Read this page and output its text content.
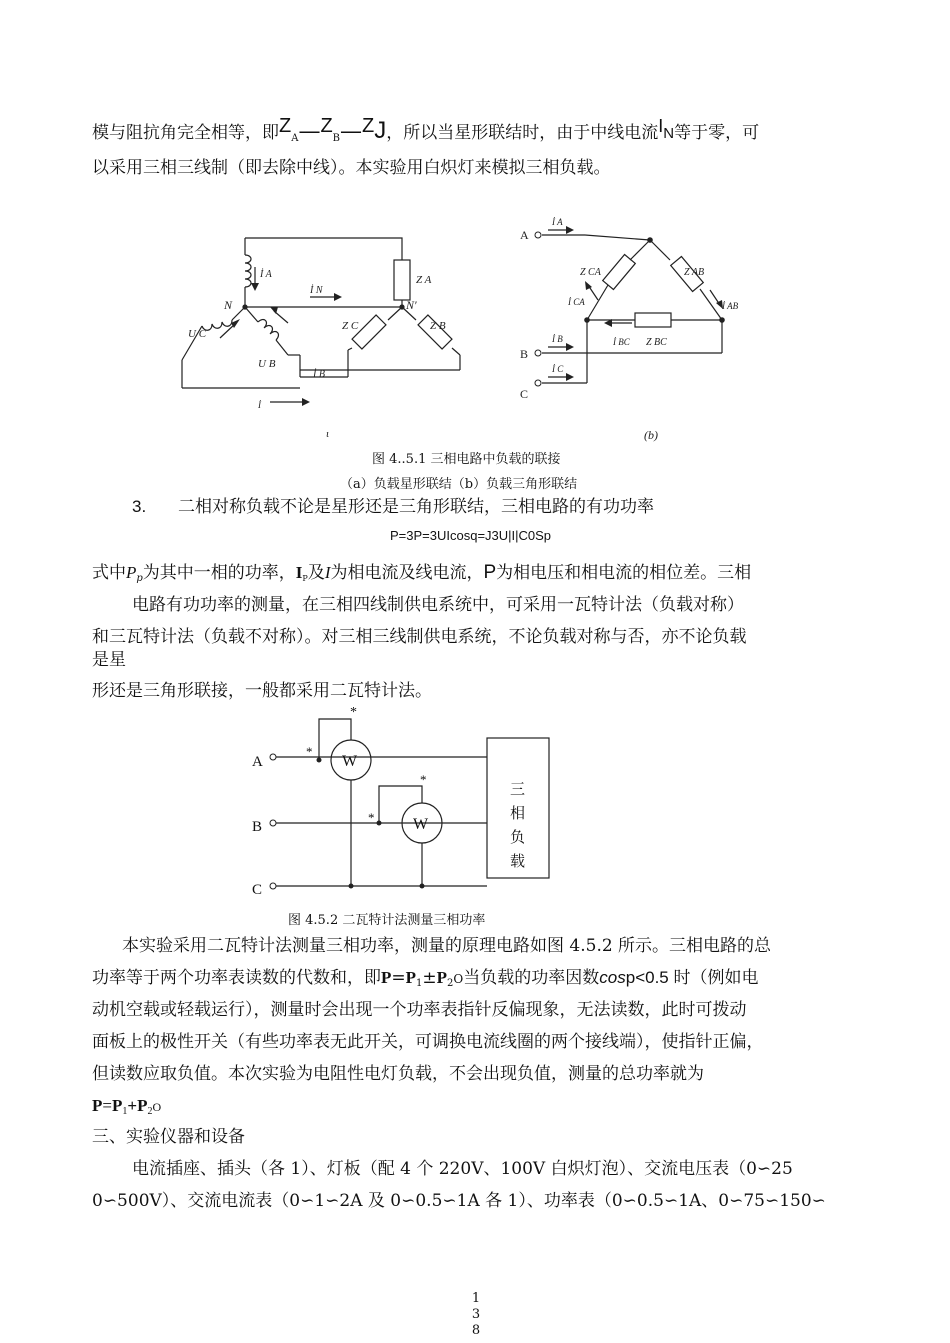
模与阻抗角完全相等，即$Z_A—Z_B—ZJ$，所以当星形联结时，由于中线电流IN等于零，可
以采用三相三线制（即去除中线）。本实验用白炽灯来模拟三相负载。
N	N′
İ A
İ N
İ B
Z A
Z C	Z B
U C
U B
İ
ι
A
B
C
İ A
İ B
İ C
Z CA	Z AB
İ CA	İ AB
İ BC Z BC
(b)
图 4..5.1 三相电路中负载的联接
（a）负载星形联结（b）负载三角形联结
3. 二相对称负载不论是星形还是三角形联结，三相电路的有功功率
P=3P=3UIcosq=J3U|I|C0Sp
式中$P_p$为其中一相的功率，$I_P$及I为相电流及线电流，P为相电压和相电流的相位差。三相
电路有功功率的测量，在三相四线制供电系统中，可采用一瓦特计法（负载对称）
和三瓦特计法（负载不对称）。对三相三线制供电系统，不论负载对称与否，亦不论负载
是星
形还是三角形联接，一般都采用二瓦特计法。
A
B
C
W
W
*
*
*
*
三
相
负
载
图 4.5.2 二瓦特计法测量三相功率
本实验采用二瓦特计法测量三相功率，测量的原理电路如图 4.5.2 所示。三相电路的总
功率等于两个功率表读数的代数和，即$P=P_1\pm P_2O$当负载的功率因数cosp<0.5 时（例如电
动机空载或轻载运行），测量时会出现一个功率表指针反偏现象，无法读数，此时可拨动
面板上的极性开关（有些功率表无此开关，可调换电流线圈的两个接线端），使指针正偏，
但读数应取负值。本次实验为电阻性电灯负载，不会出现负值，测量的总功率就为
$P=P_1+P_2O$
三、实验仪器和设备
电流插座、插头（各 1）、灯板（配 4 个 220V、100V 白炽灯泡）、交流电压表（0∽25
0∽500V）、交流电流表（0∽1∽2A 及 0∽0.5∽1A 各 1）、功率表（0∽0.5∽1A、0∽75∽150∽
1
3
8
